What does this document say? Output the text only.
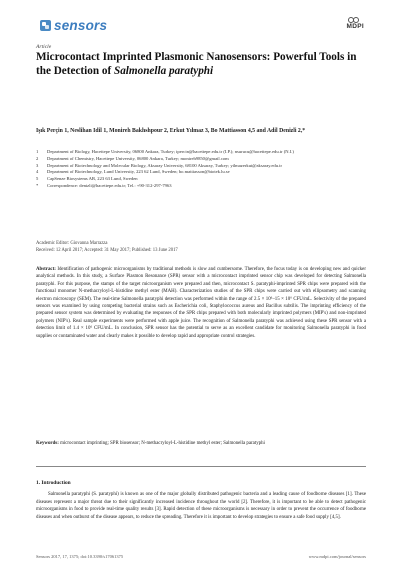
sensors	MDPI
Article
Microcontact Imprinted Plasmonic Nanosensors: Powerful Tools in the Detection of Salmonella paratyphi
Işık Perçin 1, Neslihan Idil 1, Monireh Bakhshpour 2, Erkut Yılmaz 3, Bo Mattiasson 4,5 and Adil Denizli 2,*
1 Department of Biology, Hacettepe University, 06800 Ankara, Turkey; ipercin@hacettepe.edu.tr (I.P.); nsurucu@hacettepe.edu.tr (N.I.)
2 Department of Chemistry, Hacettepe University, 06800 Ankara, Turkey; monireh9850@gmail.com
3 Department of Biotechnology and Molecular Biology, Aksaray University, 68100 Aksaray, Turkey; yilmazerkut@aksaray.edu.tr
4 Department of Biotechnology, Lund University, 223 62 Lund, Sweden; bo.mattiasson@biotek.lu.se
5 CapSenze Biosystems AB, 223 63 Lund, Sweden
* Correspondence: denizli@hacettepe.edu.tr; Tel.: +90-312-297-7963
Academic Editor: Giovanna Marrazza
Received: 12 April 2017; Accepted: 31 May 2017; Published: 13 June 2017

Abstract: Identification of pathogenic microorganisms by traditional methods is slow and cumbersome. Therefore, the focus today is on developing new and quicker analytical methods. In this study, a Surface Plasmon Resonance (SPR) sensor with a microcontact imprinted sensor chip was developed for detecting Salmonella paratyphi. For this purpose, the stamps of the target microorganism were prepared and then, microcontact S. paratyphi-imprinted SPR chips were prepared with the functional monomer N-methacryloyl-L-histidine methyl ester (MAH). Characterization studies of the SPR chips were carried out with ellipsometry and scanning electron microscopy (SEM). The real-time Salmonella paratyphi detection was performed within the range of 2.5 × 10⁶–15 × 10⁶ CFU/mL. Selectivity of the prepared sensors was examined by using competing bacterial strains such as Escherichia coli, Staphylococcus aureus and Bacillus subtilis. The imprinting efficiency of the prepared sensor system was determined by evaluating the responses of the SPR chips prepared with both molecularly imprinted polymers (MIP's) and non-imprinted polymers (NIP's). Real sample experiments were performed with apple juice. The recognition of Salmonella paratyphi was achieved using these SPR sensor with a detection limit of 1.4 × 10⁶ CFU/mL. In conclusion, SPR sensor has the potential to serve as an excellent candidate for monitoring Salmonella paratyphi in food supplies or contaminated water and clearly makes it possible to develop rapid and appropriate control strategies.

Keywords: microcontact imprinting; SPR biosensor; N-methacryloyl-L-histidine methyl ester; Salmonella paratyphi

1. Introduction

Salmonella paratyphi (S. paratyphi) is known as one of the major globally distributed pathogenic bacteria and a leading cause of foodborne diseases [1]. These diseases represent a major threat due to their significantly increased incidence throughout the world [2]. Therefore, it is important to be able to detect pathogenic microorganisms in food to provide real-time quality results [3]. Rapid detection of these microorganisms is necessary in order to prevent the occurrence of foodborne diseases and when outburst of the disease appears, to reduce the spreading. Therefore it is important to develop strategies to ensure a safe food supply [4,5].

Sensors 2017, 17, 1375; doi:10.3390/s17061375	www.mdpi.com/journal/sensors
